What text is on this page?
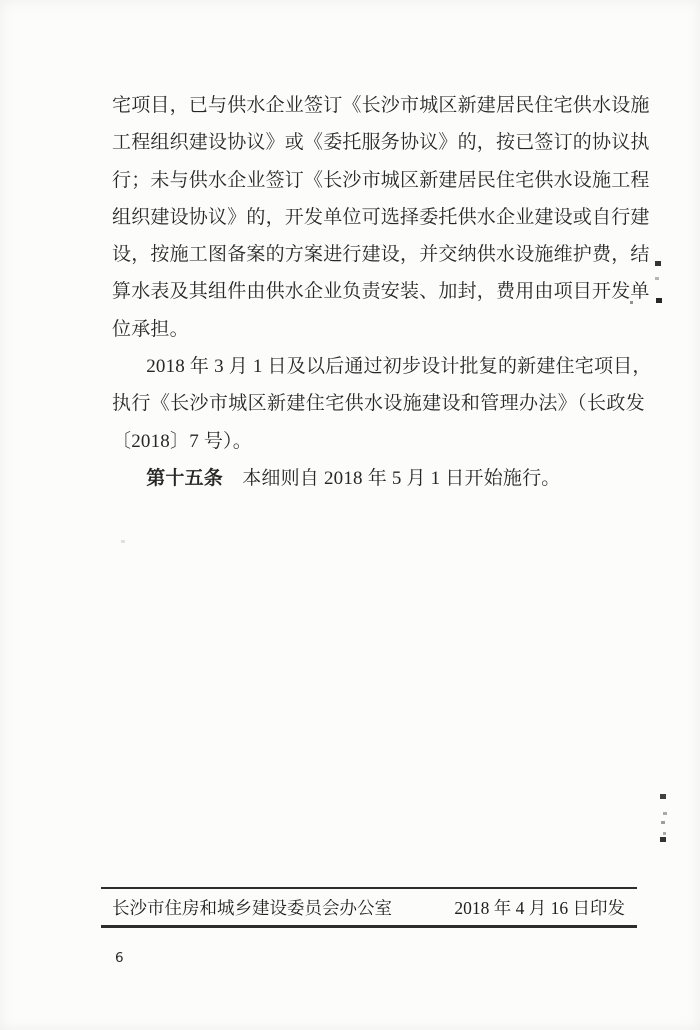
宅项目，已与供水企业签订《长沙市城区新建居民住宅供水设施
工程组织建设协议》或《委托服务协议》的，按已签订的协议执
行；未与供水企业签订《长沙市城区新建居民住宅供水设施工程
组织建设协议》的，开发单位可选择委托供水企业建设或自行建
设，按施工图备案的方案进行建设，并交纳供水设施维护费，结
算水表及其组件由供水企业负责安装、加封，费用由项目开发单
位承担。
2018 年 3 月 1 日及以后通过初步设计批复的新建住宅项目，
执行《长沙市城区新建住宅供水设施建设和管理办法》（长政发
〔2018〕7 号）。
第十五条　本细则自 2018 年 5 月 1 日开始施行。
长沙市住房和城乡建设委员会办公室	2018 年 4 月 16 日印发
6
